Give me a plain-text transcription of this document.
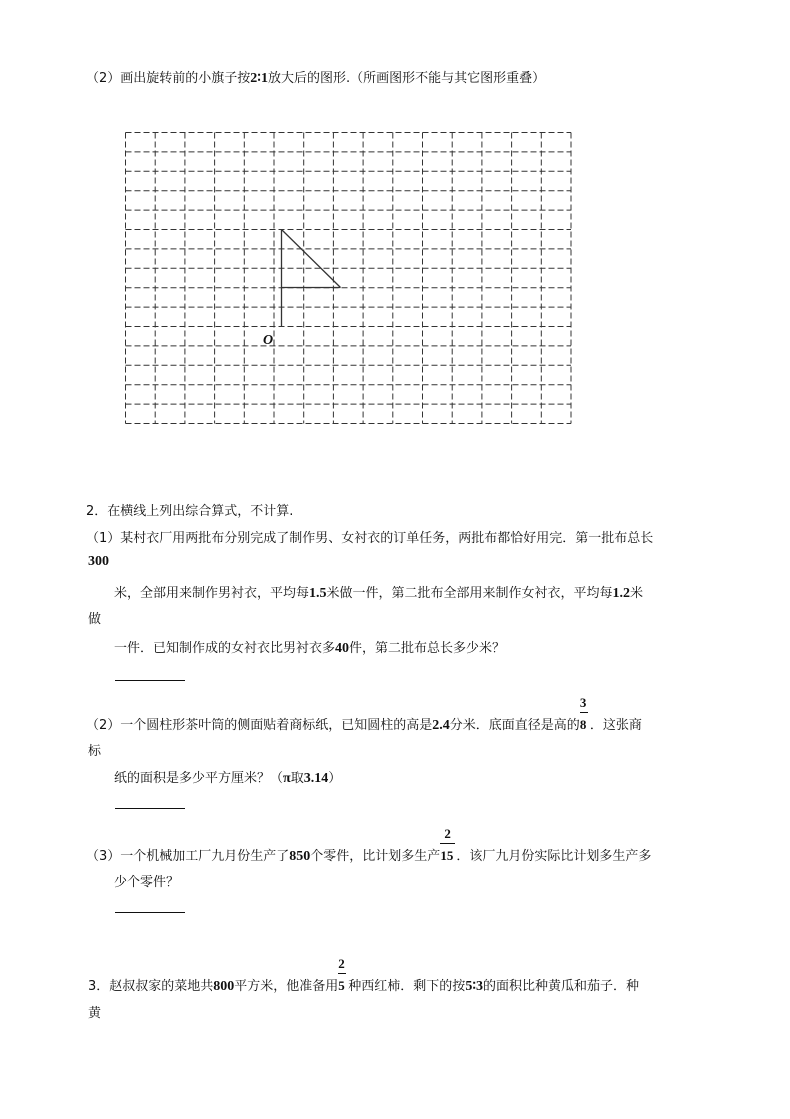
（2）画出旋转前的小旗子按2∶1放大后的图形.（所画图形不能与其它图形重叠）
O
2．在横线上列出综合算式，不计算.
（1）某村衣厂用两批布分别完成了制作男、女衬衣的订单任务，两批布都恰好用完．第一批布总长
300
米，全部用来制作男衬衣，平均每1.5米做一件，第二批布全部用来制作女衬衣，平均每1.2米
做
一件．已知制作成的女衬衣比男衬衣多40件，第二批布总长多少米？
（2）一个圆柱形茶叶筒的侧面贴着商标纸，已知圆柱的高是2.4分米．底面直径是高的 $\frac{3}{8}$．这张商
标
纸的面积是多少平方厘米？（π取3.14）
（3）一个机械加工厂九月份生产了850个零件，比计划多生产 $\frac{2}{15}$．该厂九月份实际比计划多生产多
少个零件？
3．赵叔叔家的菜地共800平方米，他准备用 $\frac{2}{5}$种西红柿．剩下的按5∶3的面积比种黄瓜和茄子．种
黄
